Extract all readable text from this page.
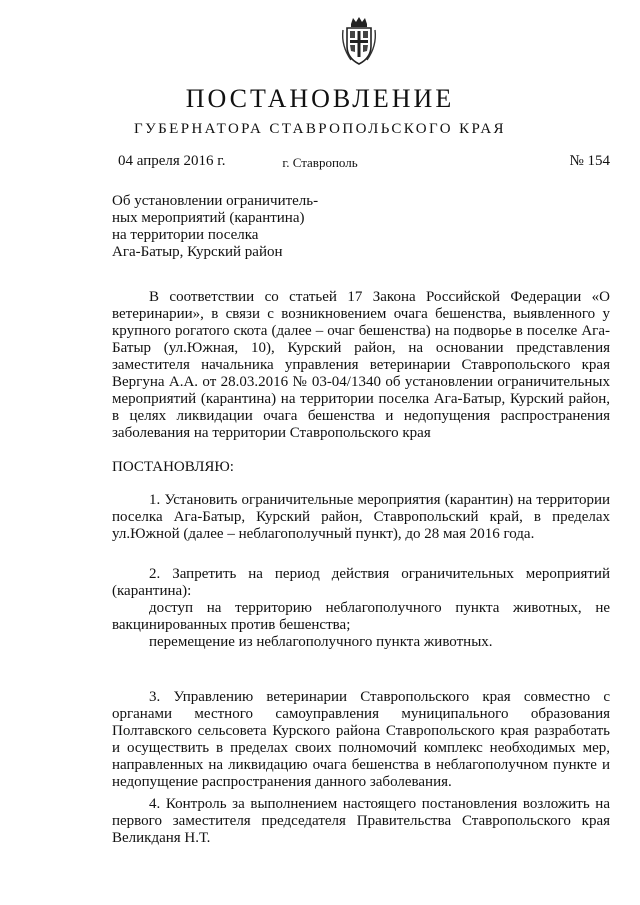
ПОСТАНОВЛЕНИЕ
ГУБЕРНАТОРА СТАВРОПОЛЬСКОГО КРАЯ
04 апреля 2016 г.	г. Ставрополь	№ 154
Об установлении ограничитель-
ных мероприятий (карантина)
на территории поселка
Ага-Батыр, Курский район
В соответствии со статьей 17 Закона Российской Федерации «О ветеринарии», в связи с возникновением очага бешенства, выявленного у крупного рогатого скота (далее – очаг бешенства) на подворье в поселке Ага-Батыр (ул.Южная, 10), Курский район, на основании представления заместителя начальника управления ветеринарии Ставропольского края Вергуна А.А. от 28.03.2016 № 03-04/1340 об установлении ограничительных мероприятий (карантина) на территории поселка Ага-Батыр, Курский район, в целях ликвидации очага бешенства и недопущения распространения заболевания на территории Ставропольского края
ПОСТАНОВЛЯЮ:
1. Установить ограничительные мероприятия (карантин) на территории поселка Ага-Батыр, Курский район, Ставропольский край, в пределах ул.Южной (далее – неблагополучный пункт), до 28 мая 2016 года.
2. Запретить на период действия ограничительных мероприятий (карантина):
доступ на территорию неблагополучного пункта животных, не вакцинированных против бешенства;
перемещение из неблагополучного пункта животных.
3. Управлению ветеринарии Ставропольского края совместно с органами местного самоуправления муниципального образования Полтавского сельсовета Курского района Ставропольского края разработать и осуществить в пределах своих полномочий комплекс необходимых мер, направленных на ликвидацию очага бешенства в неблагополучном пункте и недопущение распространения данного заболевания.
4. Контроль за выполнением настоящего постановления возложить на первого заместителя председателя Правительства Ставропольского края Великданя Н.Т.
